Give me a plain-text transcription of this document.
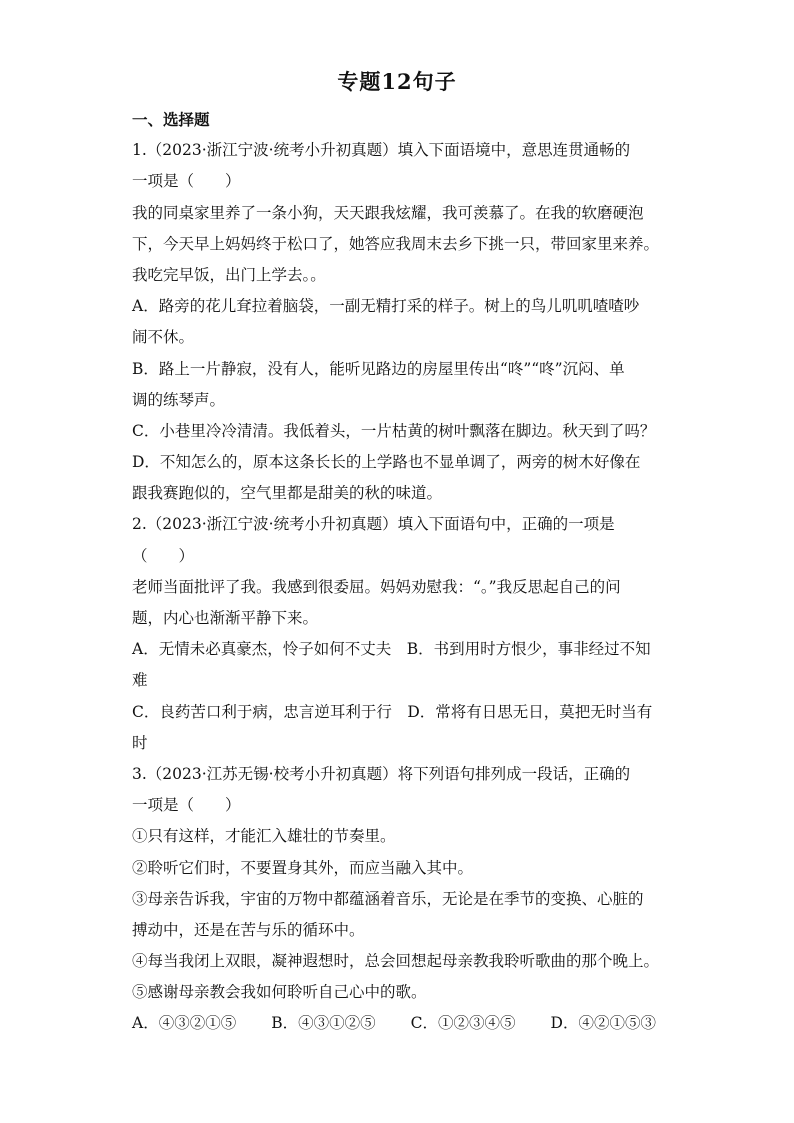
专题12句子
一、选择题
1.（2023·浙江宁波·统考小升初真题）填入下面语境中，意思连贯通畅的
一项是（　　）
我的同桌家里养了一条小狗，天天跟我炫耀，我可羡慕了。在我的软磨硬泡
下，今天早上妈妈终于松口了，她答应我周末去乡下挑一只，带回家里来养。
我吃完早饭，出门上学去。。
A．路旁的花儿耷拉着脑袋，一副无精打采的样子。树上的鸟儿叽叽喳喳吵
闹不休。
B．路上一片静寂，没有人，能听见路边的房屋里传出“咚”“咚”沉闷、单
调的练琴声。
C．小巷里冷冷清清。我低着头，一片枯黄的树叶飘落在脚边。秋天到了吗？
D．不知怎么的，原本这条长长的上学路也不显单调了，两旁的树木好像在
跟我赛跑似的，空气里都是甜美的秋的味道。
2.（2023·浙江宁波·统考小升初真题）填入下面语句中，正确的一项是
（　　）
老师当面批评了我。我感到很委屈。妈妈劝慰我：“。”我反思起自己的问
题，内心也渐渐平静下来。
A．无情未必真豪杰，怜子如何不丈夫　B．书到用时方恨少，事非经过不知
难
C．良药苦口利于病，忠言逆耳利于行　D．常将有日思无日，莫把无时当有
时
3.（2023·江苏无锡·校考小升初真题）将下列语句排列成一段话，正确的
一项是（　　）
①只有这样，才能汇入雄壮的节奏里。
②聆听它们时，不要置身其外，而应当融入其中。
③母亲告诉我，宇宙的万物中都蕴涵着音乐，无论是在季节的变换、心脏的
搏动中，还是在苦与乐的循环中。
④每当我闭上双眼，凝神遐想时，总会回想起母亲教我聆听歌曲的那个晚上。
⑤感谢母亲教会我如何聆听自己心中的歌。
A．④③②①⑤ B．④③①②⑤ C．①②③④⑤ D．④②①⑤③
